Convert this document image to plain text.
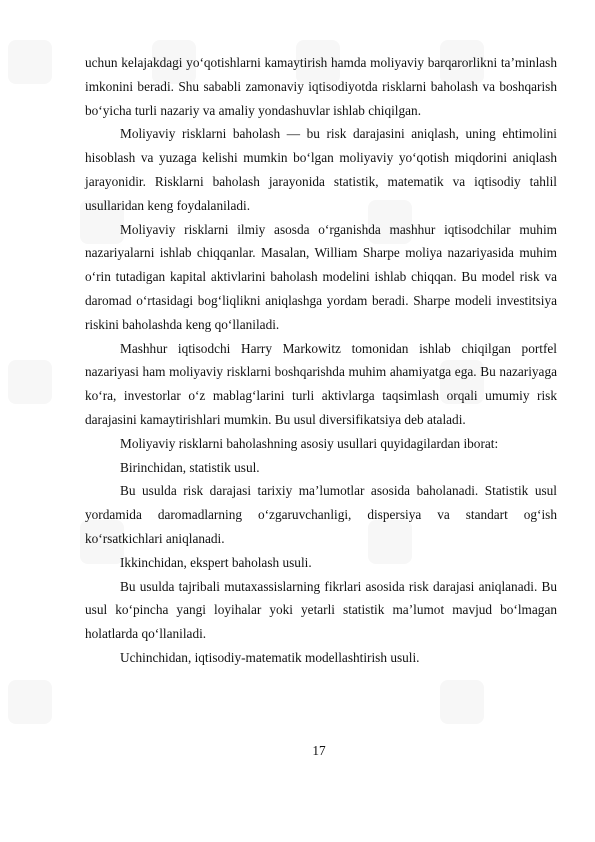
uchun kelajakdagi yo‘qotishlarni kamaytirish hamda moliyaviy barqarorlikni ta’minlash imkonini beradi. Shu sababli zamonaviy iqtisodiyotda risklarni baholash va boshqarish bo‘yicha turli nazariy va amaliy yondashuvlar ishlab chiqilgan.

Moliyaviy risklarni baholash — bu risk darajasini aniqlash, uning ehtimolini hisoblash va yuzaga kelishi mumkin bo‘lgan moliyaviy yo‘qotish miqdorini aniqlash jarayonidir. Risklarni baholash jarayonida statistik, matematik va iqtisodiy tahlil usullaridan keng foydalaniladi.

Moliyaviy risklarni ilmiy asosda o‘rganishda mashhur iqtisodchilar muhim nazariyalarni ishlab chiqqanlar. Masalan, William Sharpe moliya nazariyasida muhim o‘rin tutadigan kapital aktivlarini baholash modelini ishlab chiqqan. Bu model risk va daromad o‘rtasidagi bog‘liqlikni aniqlashga yordam beradi. Sharpe modeli investitsiya riskini baholashda keng qo‘llaniladi.

Mashhur iqtisodchi Harry Markowitz tomonidan ishlab chiqilgan portfel nazariyasi ham moliyaviy risklarni boshqarishda muhim ahamiyatga ega. Bu nazariyaga ko‘ra, investorlar o‘z mablag‘larini turli aktivlarga taqsimlash orqali umumiy risk darajasini kamaytirishlari mumkin. Bu usul diversifikatsiya deb ataladi.

Moliyaviy risklarni baholashning asosiy usullari quyidagilardan iborat:

Birinchidan, statistik usul.

Bu usulda risk darajasi tarixiy ma’lumotlar asosida baholanadi. Statistik usul yordamida daromadlarning o‘zgaruvchanligi, dispersiya va standart og‘ish ko‘rsatkichlari aniqlanadi.

Ikkinchidan, ekspert baholash usuli.

Bu usulda tajribali mutaxassislarning fikrlari asosida risk darajasi aniqlanadi. Bu usul ko‘pincha yangi loyihalar yoki yetarli statistik ma’lumot mavjud bo‘lmagan holatlarda qo‘llaniladi.

Uchinchidan, iqtisodiy-matematik modellashtirish usuli.

17
